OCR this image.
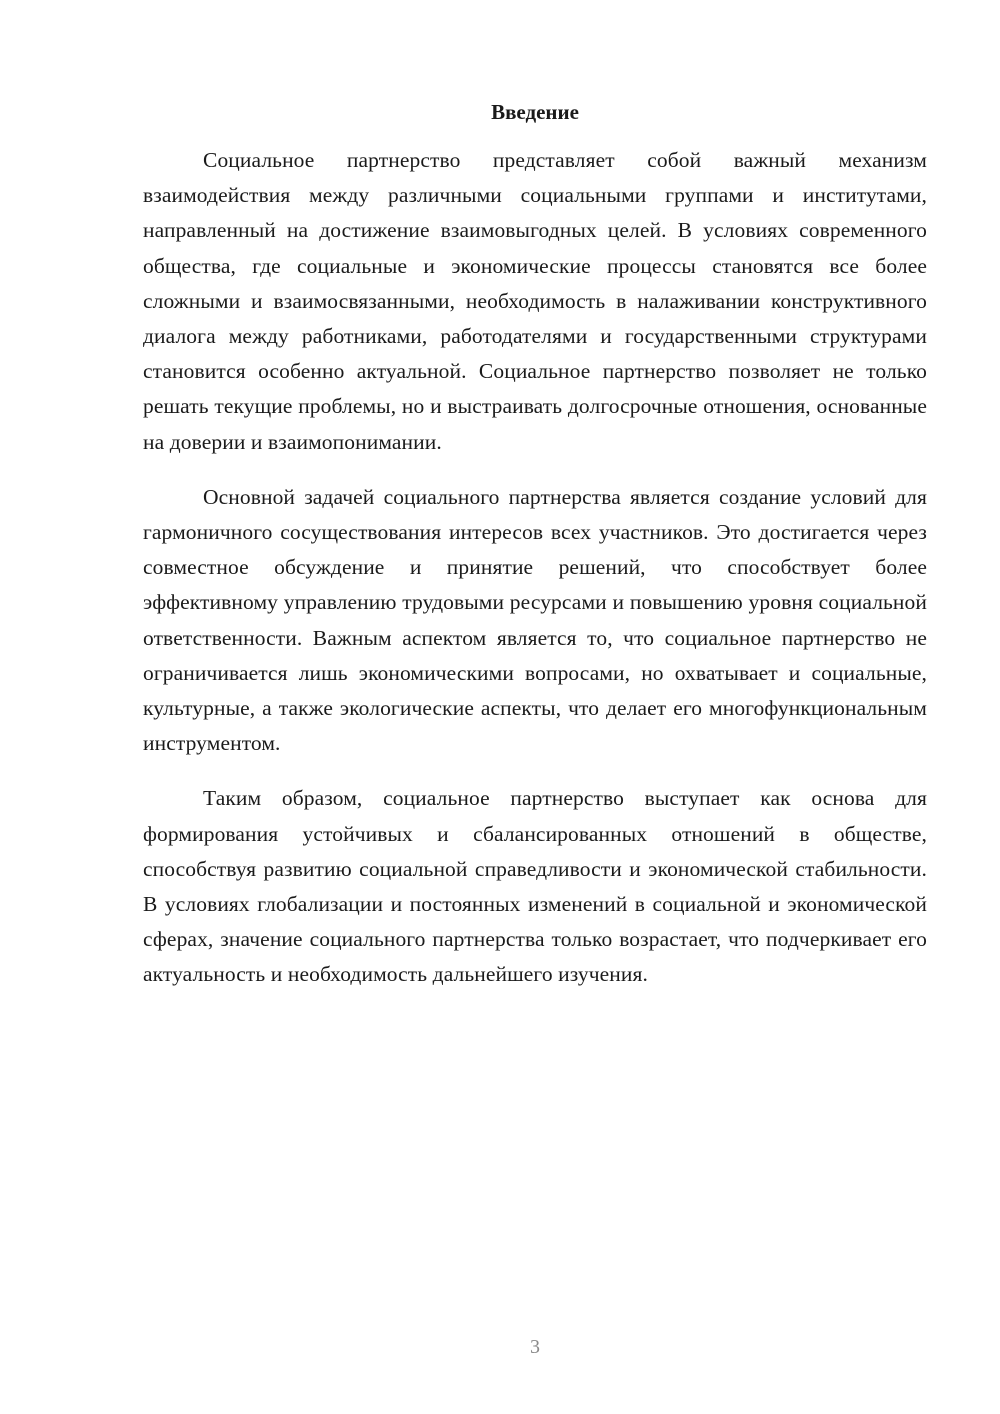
Введение

Социальное партнерство представляет собой важный механизм взаимодействия между различными социальными группами и институтами, направленный на достижение взаимовыгодных целей. В условиях современного общества, где социальные и экономические процессы становятся все более сложными и взаимосвязанными, необходимость в налаживании конструктивного диалога между работниками, работодателями и государственными структурами становится особенно актуальной. Социальное партнерство позволяет не только решать текущие проблемы, но и выстраивать долгосрочные отношения, основанные на доверии и взаимопонимании.

Основной задачей социального партнерства является создание условий для гармоничного сосуществования интересов всех участников. Это достигается через совместное обсуждение и принятие решений, что способствует более эффективному управлению трудовыми ресурсами и повышению уровня социальной ответственности. Важным аспектом является то, что социальное партнерство не ограничивается лишь экономическими вопросами, но охватывает и социальные, культурные, а также экологические аспекты, что делает его многофункциональным инструментом.

Таким образом, социальное партнерство выступает как основа для формирования устойчивых и сбалансированных отношений в обществе, способствуя развитию социальной справедливости и экономической стабильности. В условиях глобализации и постоянных изменений в социальной и экономической сферах, значение социального партнерства только возрастает, что подчеркивает его актуальность и необходимость дальнейшего изучения.

3
